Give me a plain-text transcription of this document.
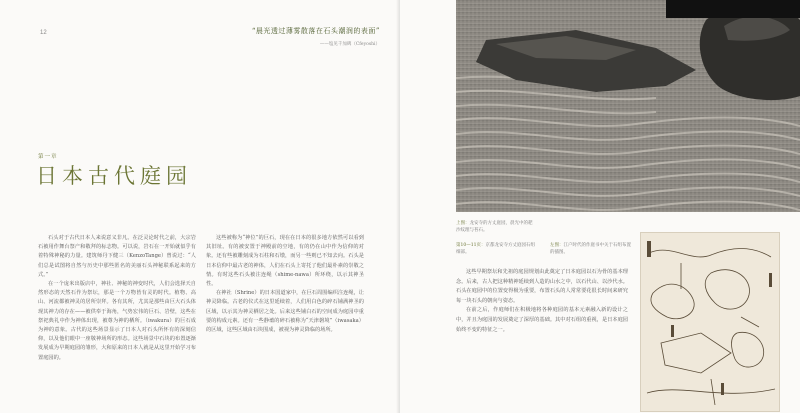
12	“晨光透过薄雾散落在石头潮润的表面”
——塩见千加碑（Cfeyoshi）
第一章
日本古代庭园

石头对于古代日本人来说意义非凡。在泛灵论时代之前，大宗岩石被用作舞台祭产和敬拜的标志物。可以说，岩石在一开始就似乎有着特殊神秘的力量。建筑师丹下健三（KenzoTange）曾说过：“人们总是试图将自然与历史中那些匿名的美丽石头神秘联系起来的方式。”

在一个庞米出版店中，神社、神秘的神变时代，人们会选择天自然形态的天然石作为祭坛，那是一个万物皆有灵的时代。植物、高山、河流都被神灵的居所崇拜。各有其所，尤其是那些由巨大石头体现其神力的存在——被供奉于海角，气势宏伟的巨石、岩壁，这些在祭祀典礼中作为神体出现，被尊为神的栖所。（iwakura）的巨石成为神的意象。古代的这些场景显示了日本人对石头所怀有的深刻信仰，以及他们眼中一座敬神场所的形态。这些场景中石块的布置逐渐发展成为早期庭园的雏形，大和原来的日本人就是从这里开始学习布置庭园的。

这些被称为“神位”的巨石，现在在日本的很多地方依然可以看到其旧址。有的被安置于神殿前的空地，有的仍在山中作为信仰的对象。还有些被雕刻成为石柱和石墩，而另一些则已不知去向。石头是日本信仰中最古老的神体，人们在石头上寄托了他们最朴素的崇敬之情。有时这些石头被注连绳（shime-nawa）所环绕，以示其神圣性。

在神社（Shrine）的日本国道家中，在巨石周围编织注连绳，让神灵降临。古老的仪式在这里延续着，人们用白色的碎石铺满神圣的区域，以示其为神灵栖居之处。后来这些铺白石的空间成为庭园中重要的构成元素。还有一些静谧的碎石被称为“天津磐境”（iwasaka）的区域，这些区域由石块围成，被视为神灵降临的场所。

上图：龙安寺的方丈庭园，晨光中的耙沙纹理与苔石。
第10—11页：京都龙安寺方丈庭园石组细部。
左图：江户时代的作庭书中关于石组布置的插图。

这些早期祭坛和先祖的庭园规划由此奠定了日本庭园以石为骨的基本理念。后来，古人把这种精神延续到人造的山水之中，以石代山、以沙代水。石头在庭园中的位置变得极为重要，布置石头的人常常要花很长时间来研究每一块石头的朝向与姿态。

在前之后，作庭师们在积极地将各种庭园的基本元素融入新的设计之中，并且为庭园的发展奠定了深厚的基础。其中对石组的重视，是日本庭园始终不变的特征之一。
